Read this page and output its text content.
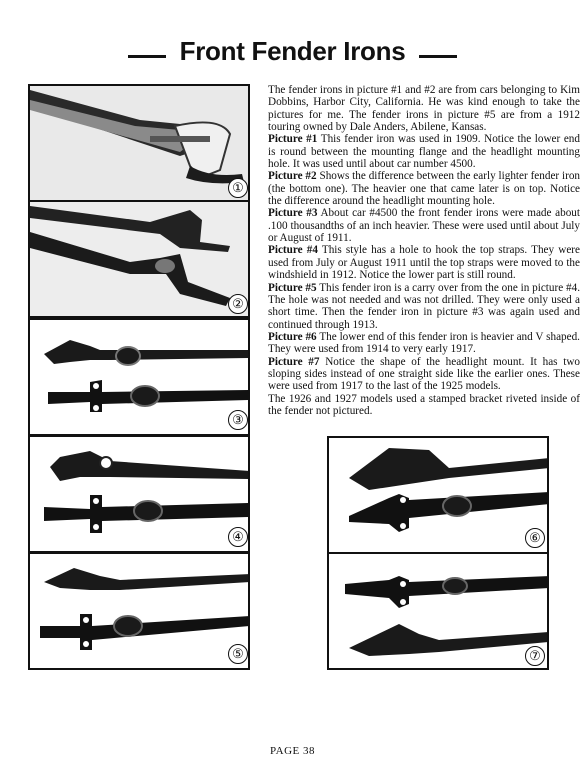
Front Fender Irons
①
②
③
④
⑤
⑥
⑦

The fender irons in picture #1 and #2 are from cars belonging to Kim Dobbins, Harbor City, California. He was kind enough to take the pictures for me. The fender irons in picture #5 are from a 1912 touring owned by Dale Anders, Abilene, Kansas.

Picture #1 This fender iron was used in 1909. Notice the lower end is round between the mounting flange and the headlight mounting hole. It was used until about car number 4500.

Picture #2 Shows the difference between the early lighter fender iron (the bottom one). The heavier one that came later is on top. Notice the difference around the headlight mounting hole.

Picture #3 About car #4500 the front fender irons were made about .100 thousandths of an inch heavier. These were used until about July or August of 1911.

Picture #4 This style has a hole to hook the top straps. They were used from July or August 1911 until the top straps were moved to the windshield in 1912. Notice the lower part is still round.

Picture #5 This fender iron is a carry over from the one in picture #4. The hole was not needed and was not drilled. They were only used a short time. Then the fender iron in picture #3 was again used and continued through 1913.

Picture #6 The lower end of this fender iron is heavier and V shaped. They were used from 1914 to very early 1917.

Picture #7 Notice the shape of the headlight mount. It has two sloping sides instead of one straight side like the earlier ones. These were used from 1917 to the last of the 1925 models.

The 1926 and 1927 models used a stamped bracket riveted inside of the fender not pictured.

PAGE 38
